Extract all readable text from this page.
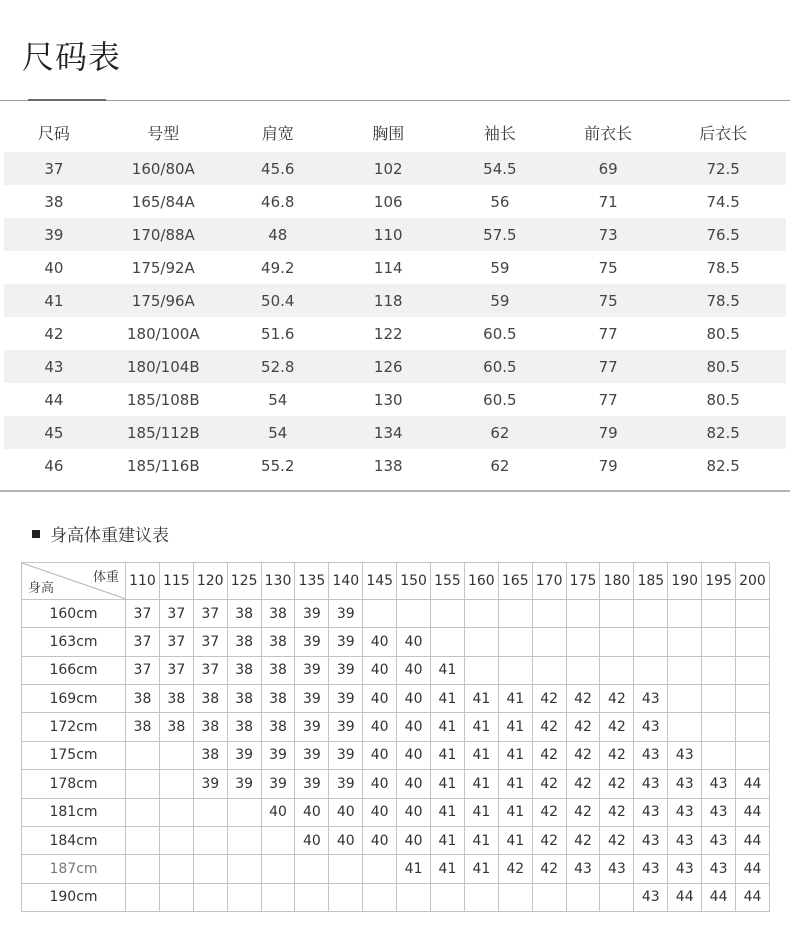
尺码表
尺码	号型	肩宽	胸围	袖长	前衣长	后衣长
37	160/80A	45.6	102	54.5	69	72.5
38	165/84A	46.8	106	56	71	74.5
39	170/88A	48	110	57.5	73	76.5
40	175/92A	49.2	114	59	75	78.5
41	175/96A	50.4	118	59	75	78.5
42	180/100A	51.6	122	60.5	77	80.5
43	180/104B	52.8	126	60.5	77	80.5
44	185/108B	54	130	60.5	77	80.5
45	185/112B	54	134	62	79	82.5
46	185/116B	55.2	138	62	79	82.5
身高体重建议表
体重
身高	110	115	120	125	130	135	140	145	150	155	160	165	170	175	180	185	190	195	200
160cm	37	37	37	38	38	39	39												
163cm	37	37	37	38	38	39	39	40	40										
166cm	37	37	37	38	38	39	39	40	40	41									
169cm	38	38	38	38	38	39	39	40	40	41	41	41	42	42	42	43			
172cm	38	38	38	38	38	39	39	40	40	41	41	41	42	42	42	43			
175cm			38	39	39	39	39	40	40	41	41	41	42	42	42	43	43		
178cm			39	39	39	39	39	40	40	41	41	41	42	42	42	43	43	43	44
181cm					40	40	40	40	40	41	41	41	42	42	42	43	43	43	44
184cm						40	40	40	40	41	41	41	42	42	42	43	43	43	44
187cm									41	41	41	42	42	43	43	43	43	43	44
190cm																43	44	44	44
